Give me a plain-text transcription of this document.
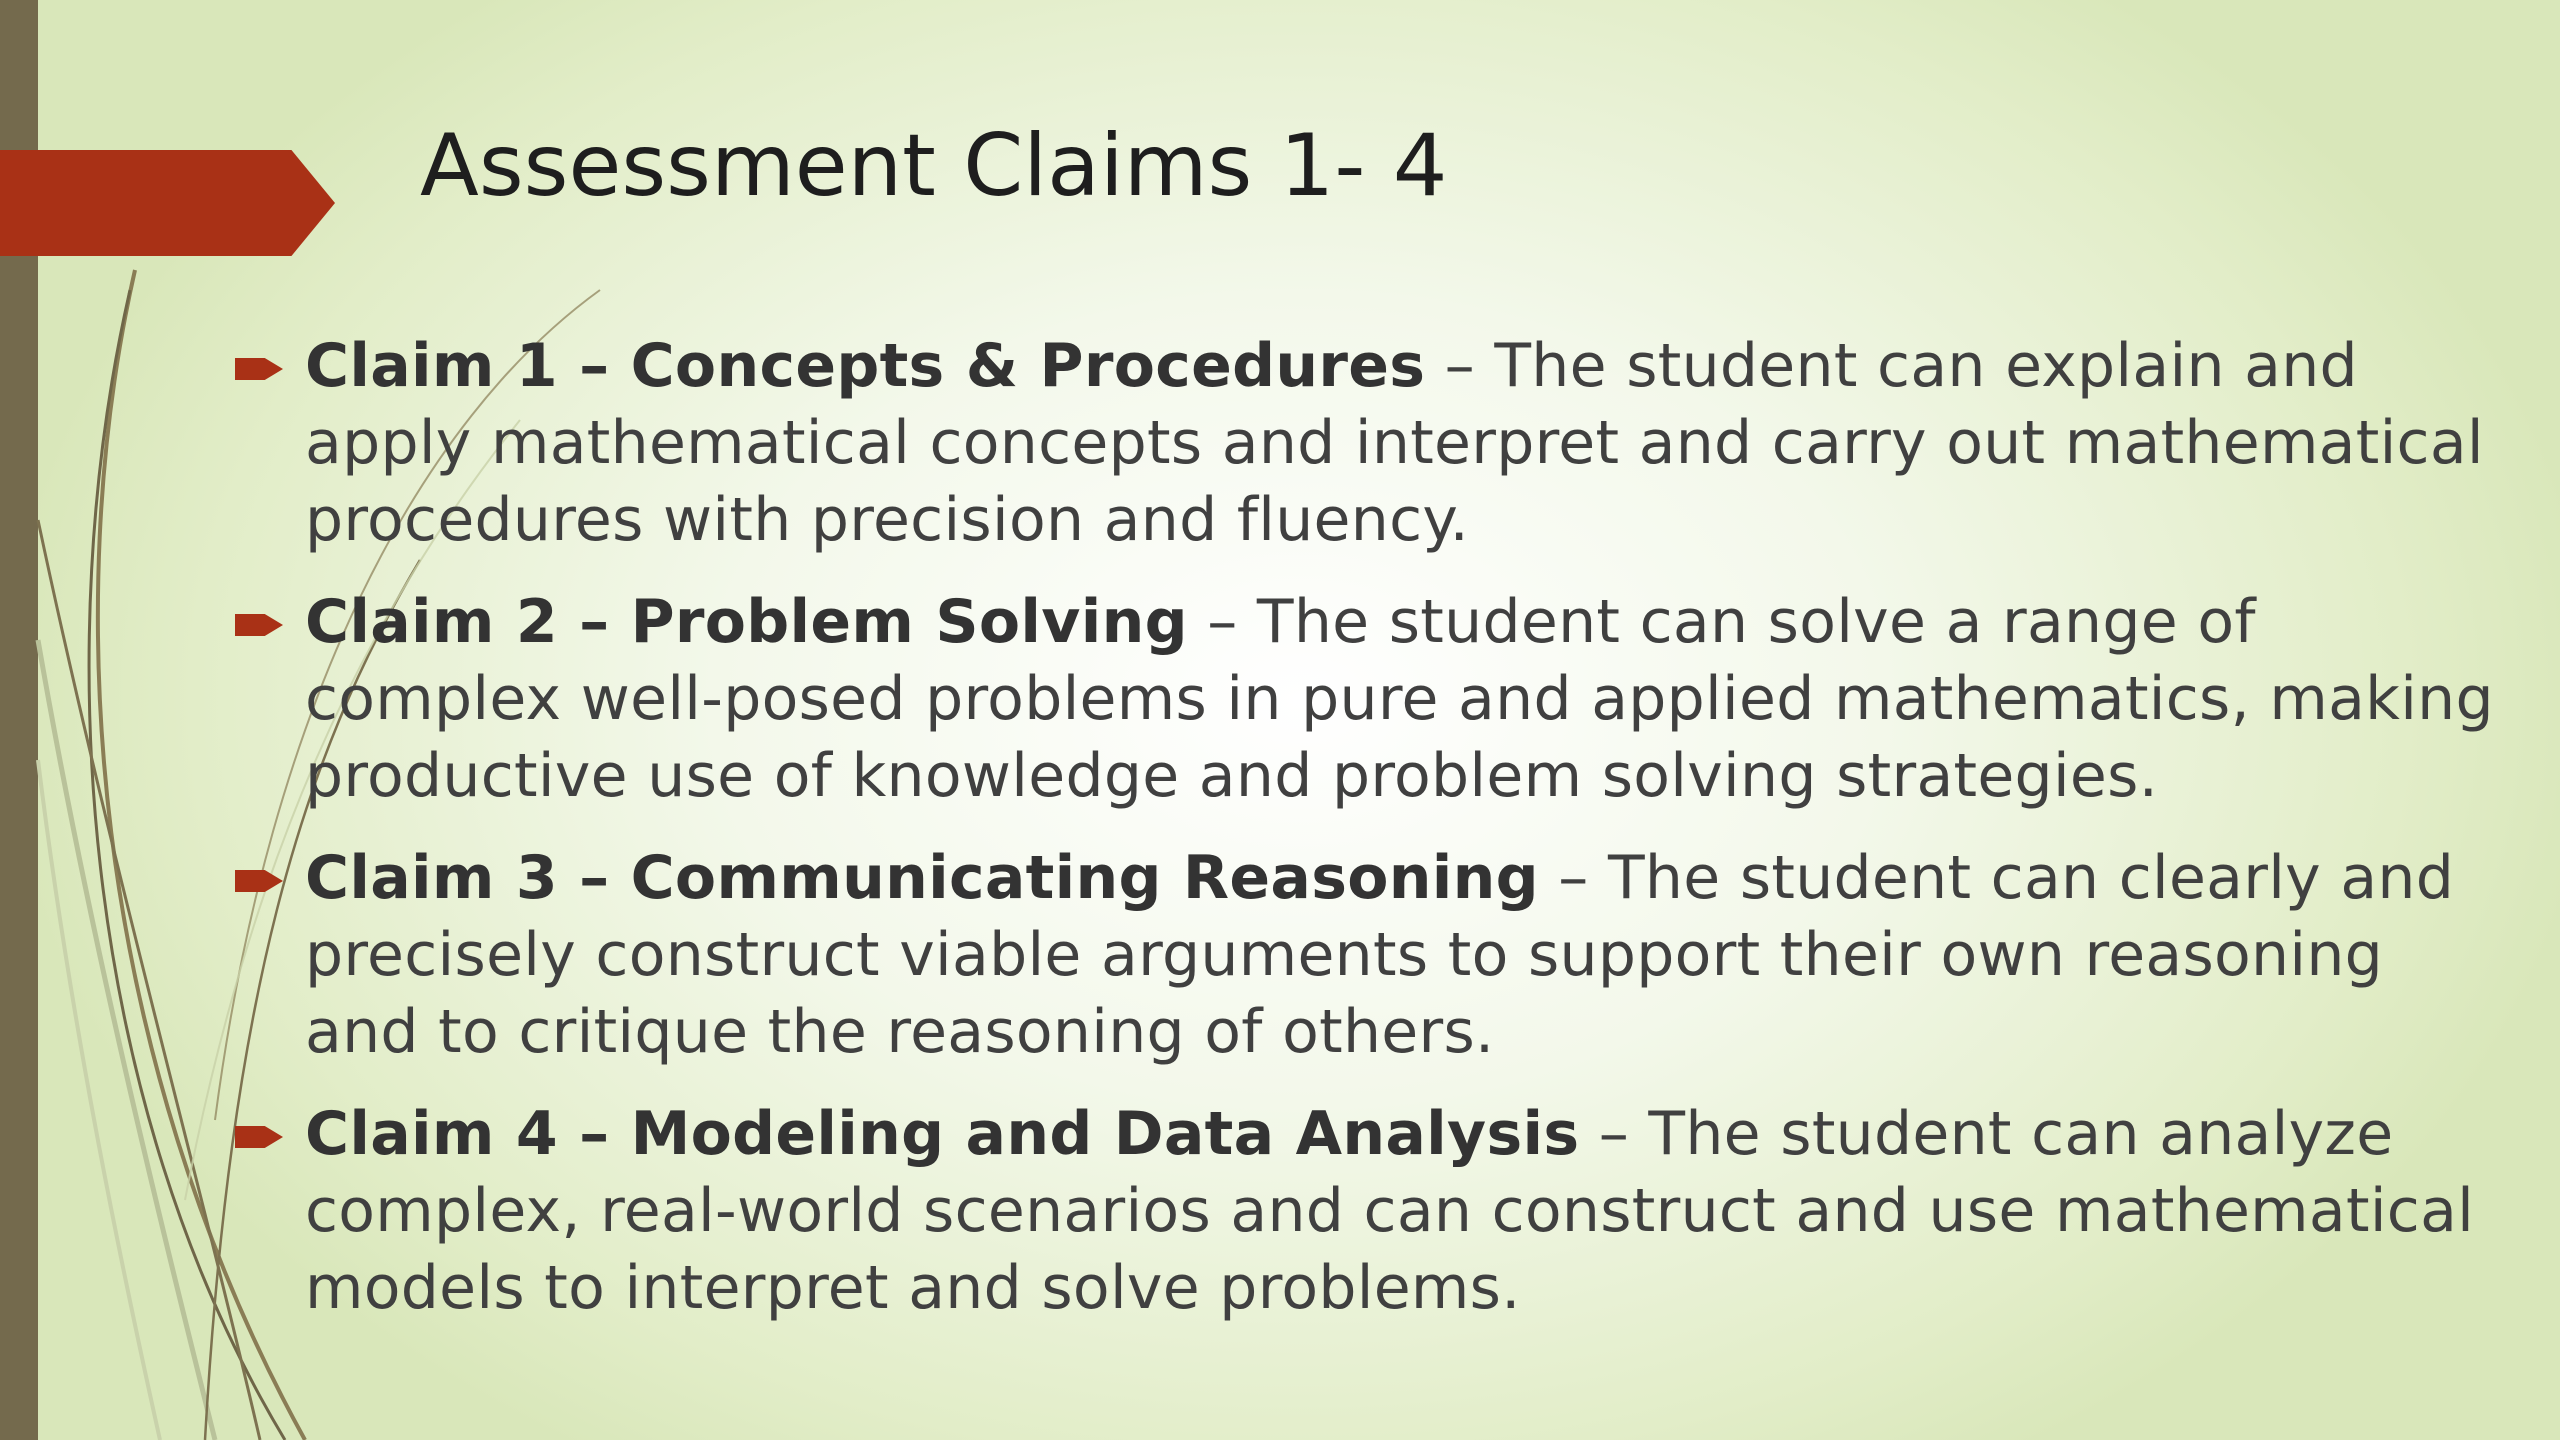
Assessment Claims 1- 4
Claim 1 – Concepts & Procedures – The student can explain and apply mathematical concepts and interpret and carry out mathematical procedures with precision and fluency.
Claim 2 – Problem Solving – The student can solve a range of complex well-posed problems in pure and applied mathematics, making productive use of knowledge and problem solving strategies.
Claim 3 – Communicating Reasoning – The student can clearly and precisely construct viable arguments to support their own reasoning and to critique the reasoning of others.
Claim 4 – Modeling and Data Analysis – The student can analyze complex, real-world scenarios and can construct and use mathematical models to interpret and solve problems.
